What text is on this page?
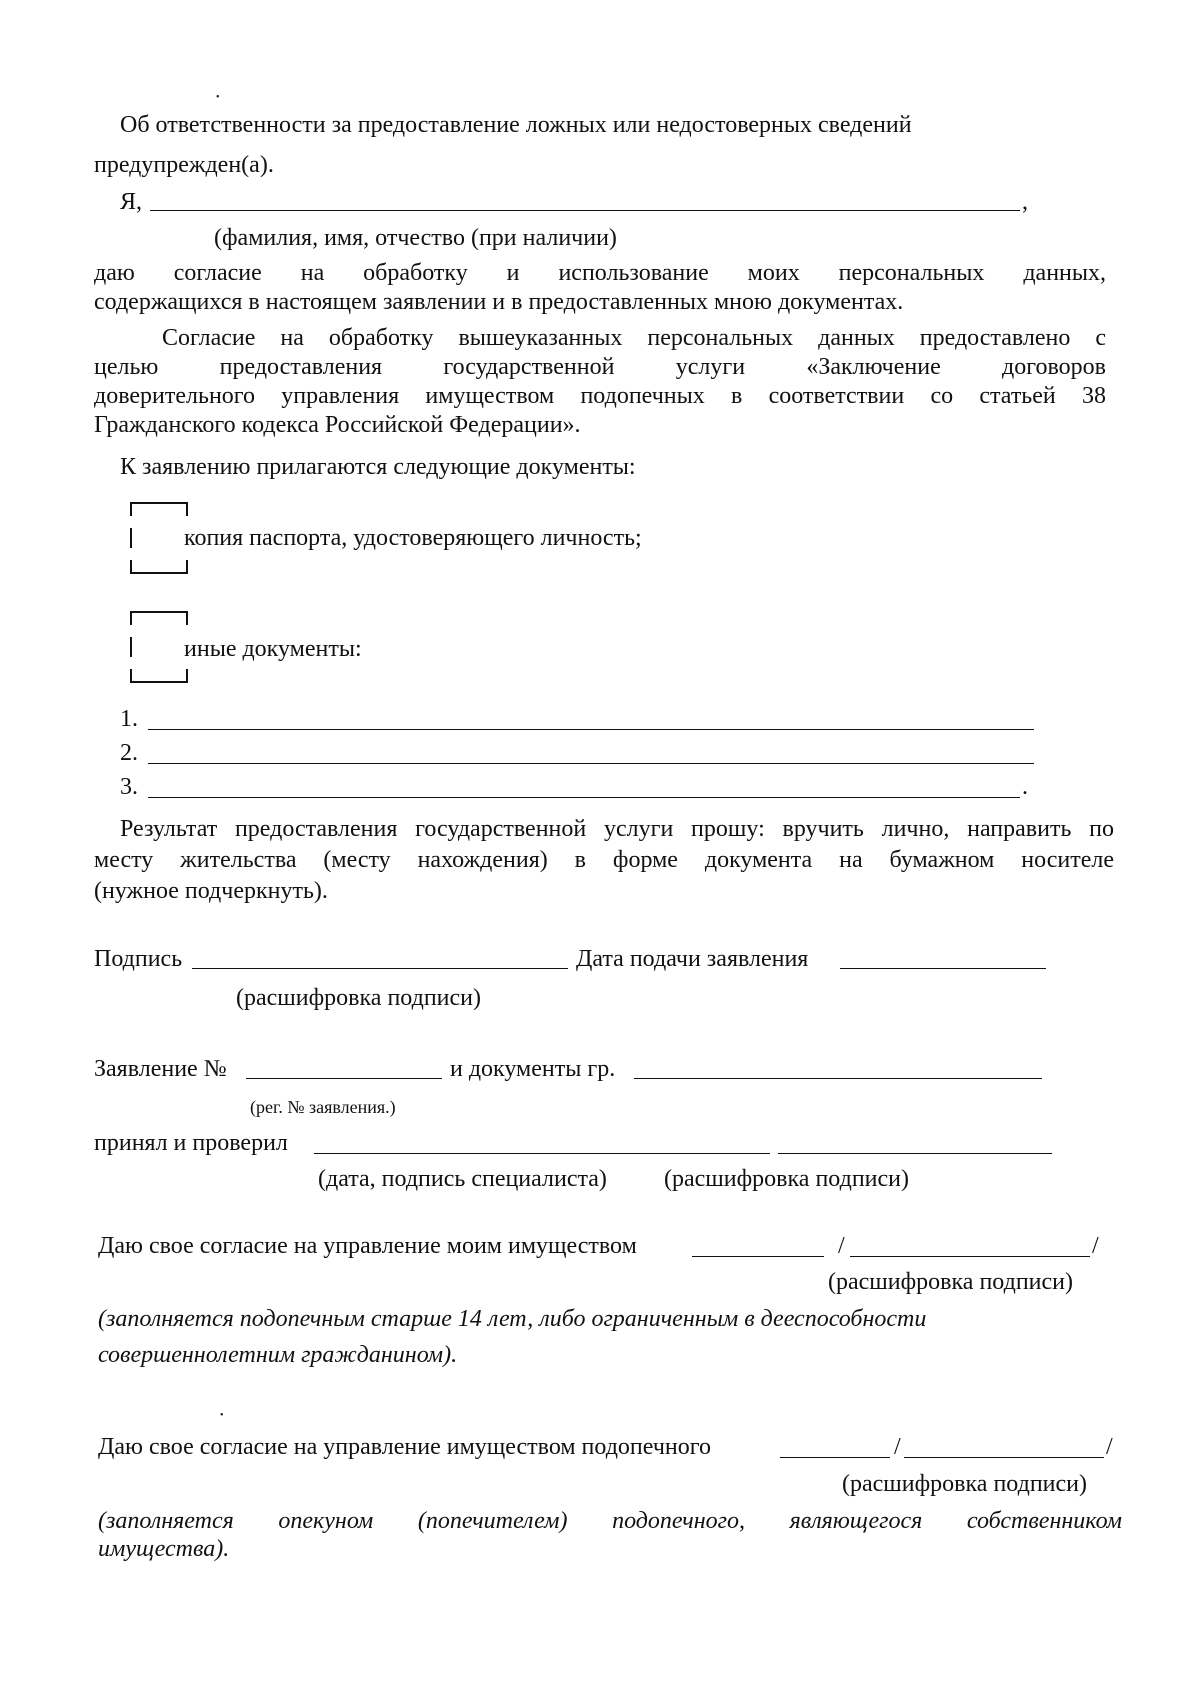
•
•
Об ответственности за предоставление ложных или недостоверных сведений
предупрежден(а).
Я,	,
(фамилия, имя, отчество (при наличии)
даю согласие на обработку и использование моих персональных данных,
содержащихся в настоящем заявлении и в предоставленных мною документах.
Согласие на обработку вышеуказанных персональных данных предоставлено с
целью предоставления государственной услуги «Заключение договоров
доверительного управления имуществом подопечных в соответствии со статьей 38
Гражданского кодекса Российской Федерации».
К заявлению прилагаются следующие документы:
копия паспорта, удостоверяющего личность;
иные документы:
1.
2.
3.	.
Результат предоставления государственной услуги прошу: вручить лично, направить по
месту жительства (месту нахождения) в форме документа на бумажном носителе
(нужное подчеркнуть).
Подпись	Дата подачи заявления
(расшифровка подписи)
Заявление №	и документы гр.
(рег. № заявления.)
принял и проверил
(дата, подпись специалиста) (расшифровка подписи)
Даю свое согласие на управление моим имуществом	/	/
(расшифровка подписи)
(заполняется подопечным старше 14 лет, либо ограниченным в дееспособности
совершеннолетним гражданином).
Даю свое согласие на управление имуществом подопечного	/	/
(расшифровка подписи)
(заполняется опекуном (попечителем) подопечного, являющегося собственником
имущества).
